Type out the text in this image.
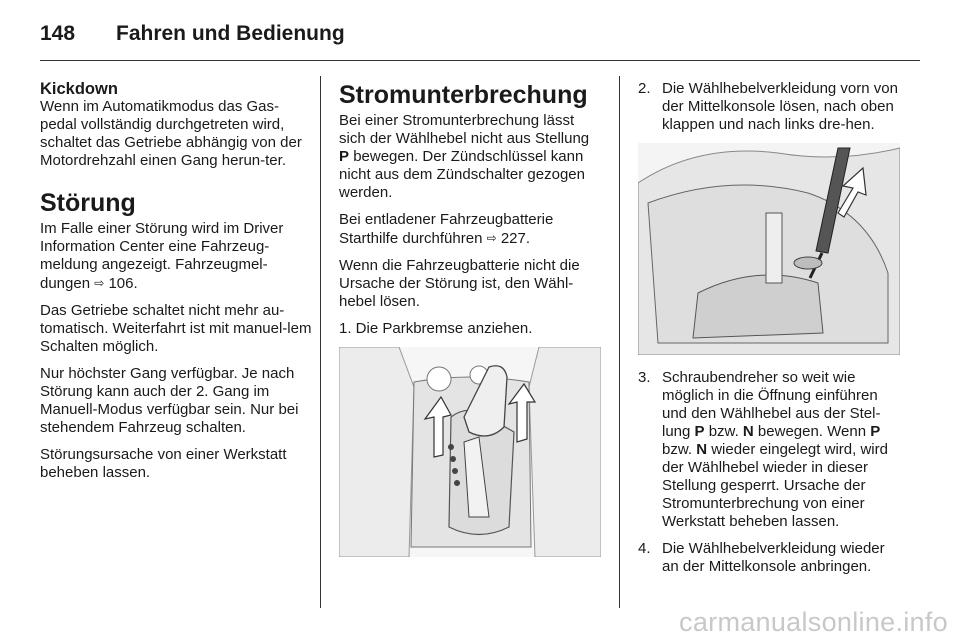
148 Fahren und Bedienung
Kickdown

Wenn im Automatikmodus das Gas-pedal vollständig durchgetreten wird, schaltet das Getriebe abhängig von der Motordrehzahl einen Gang herun-ter.

Störung

Im Falle einer Störung wird im Driver Information Center eine Fahrzeug-meldung angezeigt. Fahrzeugmel-dungen ⇨ 106.

Das Getriebe schaltet nicht mehr au-tomatisch. Weiterfahrt ist mit manuel-lem Schalten möglich.

Nur höchster Gang verfügbar. Je nach Störung kann auch der 2. Gang im Manuell-Modus verfügbar sein. Nur bei stehendem Fahrzeug schalten.

Störungsursache von einer Werkstatt beheben lassen.

Stromunterbrechung

Bei einer Stromunterbrechung lässt sich der Wählhebel nicht aus Stellung P bewegen. Der Zündschlüssel kann nicht aus dem Zündschalter gezogen werden.

Bei entladener Fahrzeugbatterie Starthilfe durchführen ⇨ 227.

Wenn die Fahrzeugbatterie nicht die Ursache der Störung ist, den Wähl-hebel lösen.

1. Die Parkbremse anziehen.

2. Die Wählhebelverkleidung vorn von der Mittelkonsole lösen, nach oben klappen und nach links dre-hen.
3. Schraubendreher so weit wie möglich in die Öffnung einführen und den Wählhebel aus der Stel-lung P bzw. N bewegen. Wenn P bzw. N wieder eingelegt wird, wird der Wählhebel wieder in dieser Stellung gesperrt. Ursache der Stromunterbrechung von einer Werkstatt beheben lassen.
4. Die Wählhebelverkleidung wieder an der Mittelkonsole anbringen.
carmanualsonline.info
